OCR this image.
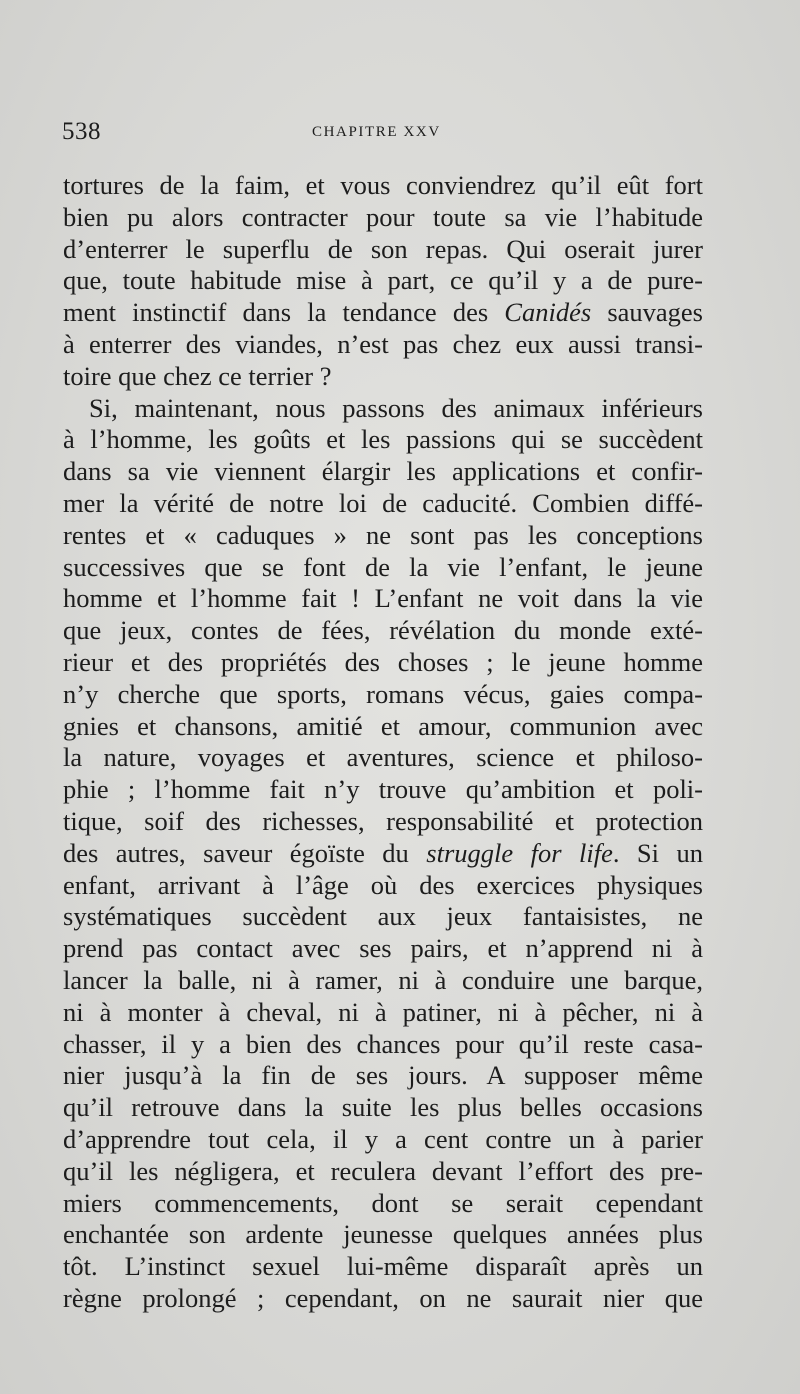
538	CHAPITRE XXV
tortures de la faim, et vous conviendrez qu’il eût fort
bien pu alors contracter pour toute sa vie l’habitude
d’enterrer le superflu de son repas. Qui oserait jurer
que, toute habitude mise à part, ce qu’il y a de pure-
ment instinctif dans la tendance des Canidés sauvages
à enterrer des viandes, n’est pas chez eux aussi transi-
toire que chez ce terrier ?
Si, maintenant, nous passons des animaux inférieurs
à l’homme, les goûts et les passions qui se succèdent
dans sa vie viennent élargir les applications et confir-
mer la vérité de notre loi de caducité. Combien diffé-
rentes et « caduques » ne sont pas les conceptions
successives que se font de la vie l’enfant, le jeune
homme et l’homme fait ! L’enfant ne voit dans la vie
que jeux, contes de fées, révélation du monde exté-
rieur et des propriétés des choses ; le jeune homme
n’y cherche que sports, romans vécus, gaies compa-
gnies et chansons, amitié et amour, communion avec
la nature, voyages et aventures, science et philoso-
phie ; l’homme fait n’y trouve qu’ambition et poli-
tique, soif des richesses, responsabilité et protection
des autres, saveur égoïste du struggle for life. Si un
enfant, arrivant à l’âge où des exercices physiques
systématiques succèdent aux jeux fantaisistes, ne
prend pas contact avec ses pairs, et n’apprend ni à
lancer la balle, ni à ramer, ni à conduire une barque,
ni à monter à cheval, ni à patiner, ni à pêcher, ni à
chasser, il y a bien des chances pour qu’il reste casa-
nier jusqu’à la fin de ses jours. A supposer même
qu’il retrouve dans la suite les plus belles occasions
d’apprendre tout cela, il y a cent contre un à parier
qu’il les négligera, et reculera devant l’effort des pre-
miers commencements, dont se serait cependant
enchantée son ardente jeunesse quelques années plus
tôt. L’instinct sexuel lui-même disparaît après un
règne prolongé ; cependant, on ne saurait nier que
